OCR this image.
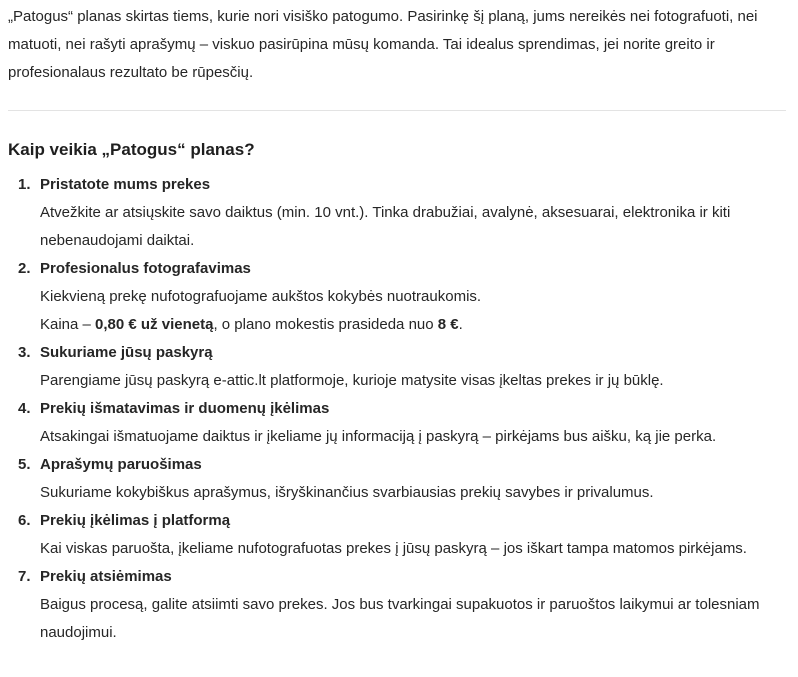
„Patogus“ planas skirtas tiems, kurie nori visiško patogumo. Pasirinkę šį planą, jums nereikės nei fotografuoti, nei matuoti, nei rašyti aprašymų – viskuo pasirūpina mūsų komanda. Tai idealus sprendimas, jei norite greito ir profesionalaus rezultato be rūpesčių.

Kaip veikia „Patogus“ planas?
1. Pristatote mums prekes
Atvežkite ar atsiųskite savo daiktus (min. 10 vnt.). Tinka drabužiai, avalynė, aksesuarai, elektronika ir kiti nebenaudojami daiktai.
2. Profesionalus fotografavimas
Kiekvieną prekę nufotografuojame aukštos kokybės nuotraukomis.
Kaina – 0,80 € už vienetą, o plano mokestis prasideda nuo 8 €.
3. Sukuriame jūsų paskyrą
Parengiame jūsų paskyrą e-attic.lt platformoje, kurioje matysite visas įkeltas prekes ir jų būklę.
4. Prekių išmatavimas ir duomenų įkėlimas
Atsakingai išmatuojame daiktus ir įkeliame jų informaciją į paskyrą – pirkėjams bus aišku, ką jie perka.
5. Aprašymų paruošimas
Sukuriame kokybiškus aprašymus, išryškinančius svarbiausias prekių savybes ir privalumus.
6. Prekių įkėlimas į platformą
Kai viskas paruošta, įkeliame nufotografuotas prekes į jūsų paskyrą – jos iškart tampa matomos pirkėjams.
7. Prekių atsiėmimas
Baigus procesą, galite atsiimti savo prekes. Jos bus tvarkingai supakuotos ir paruoštos laikymui ar tolesniam naudojimui.
